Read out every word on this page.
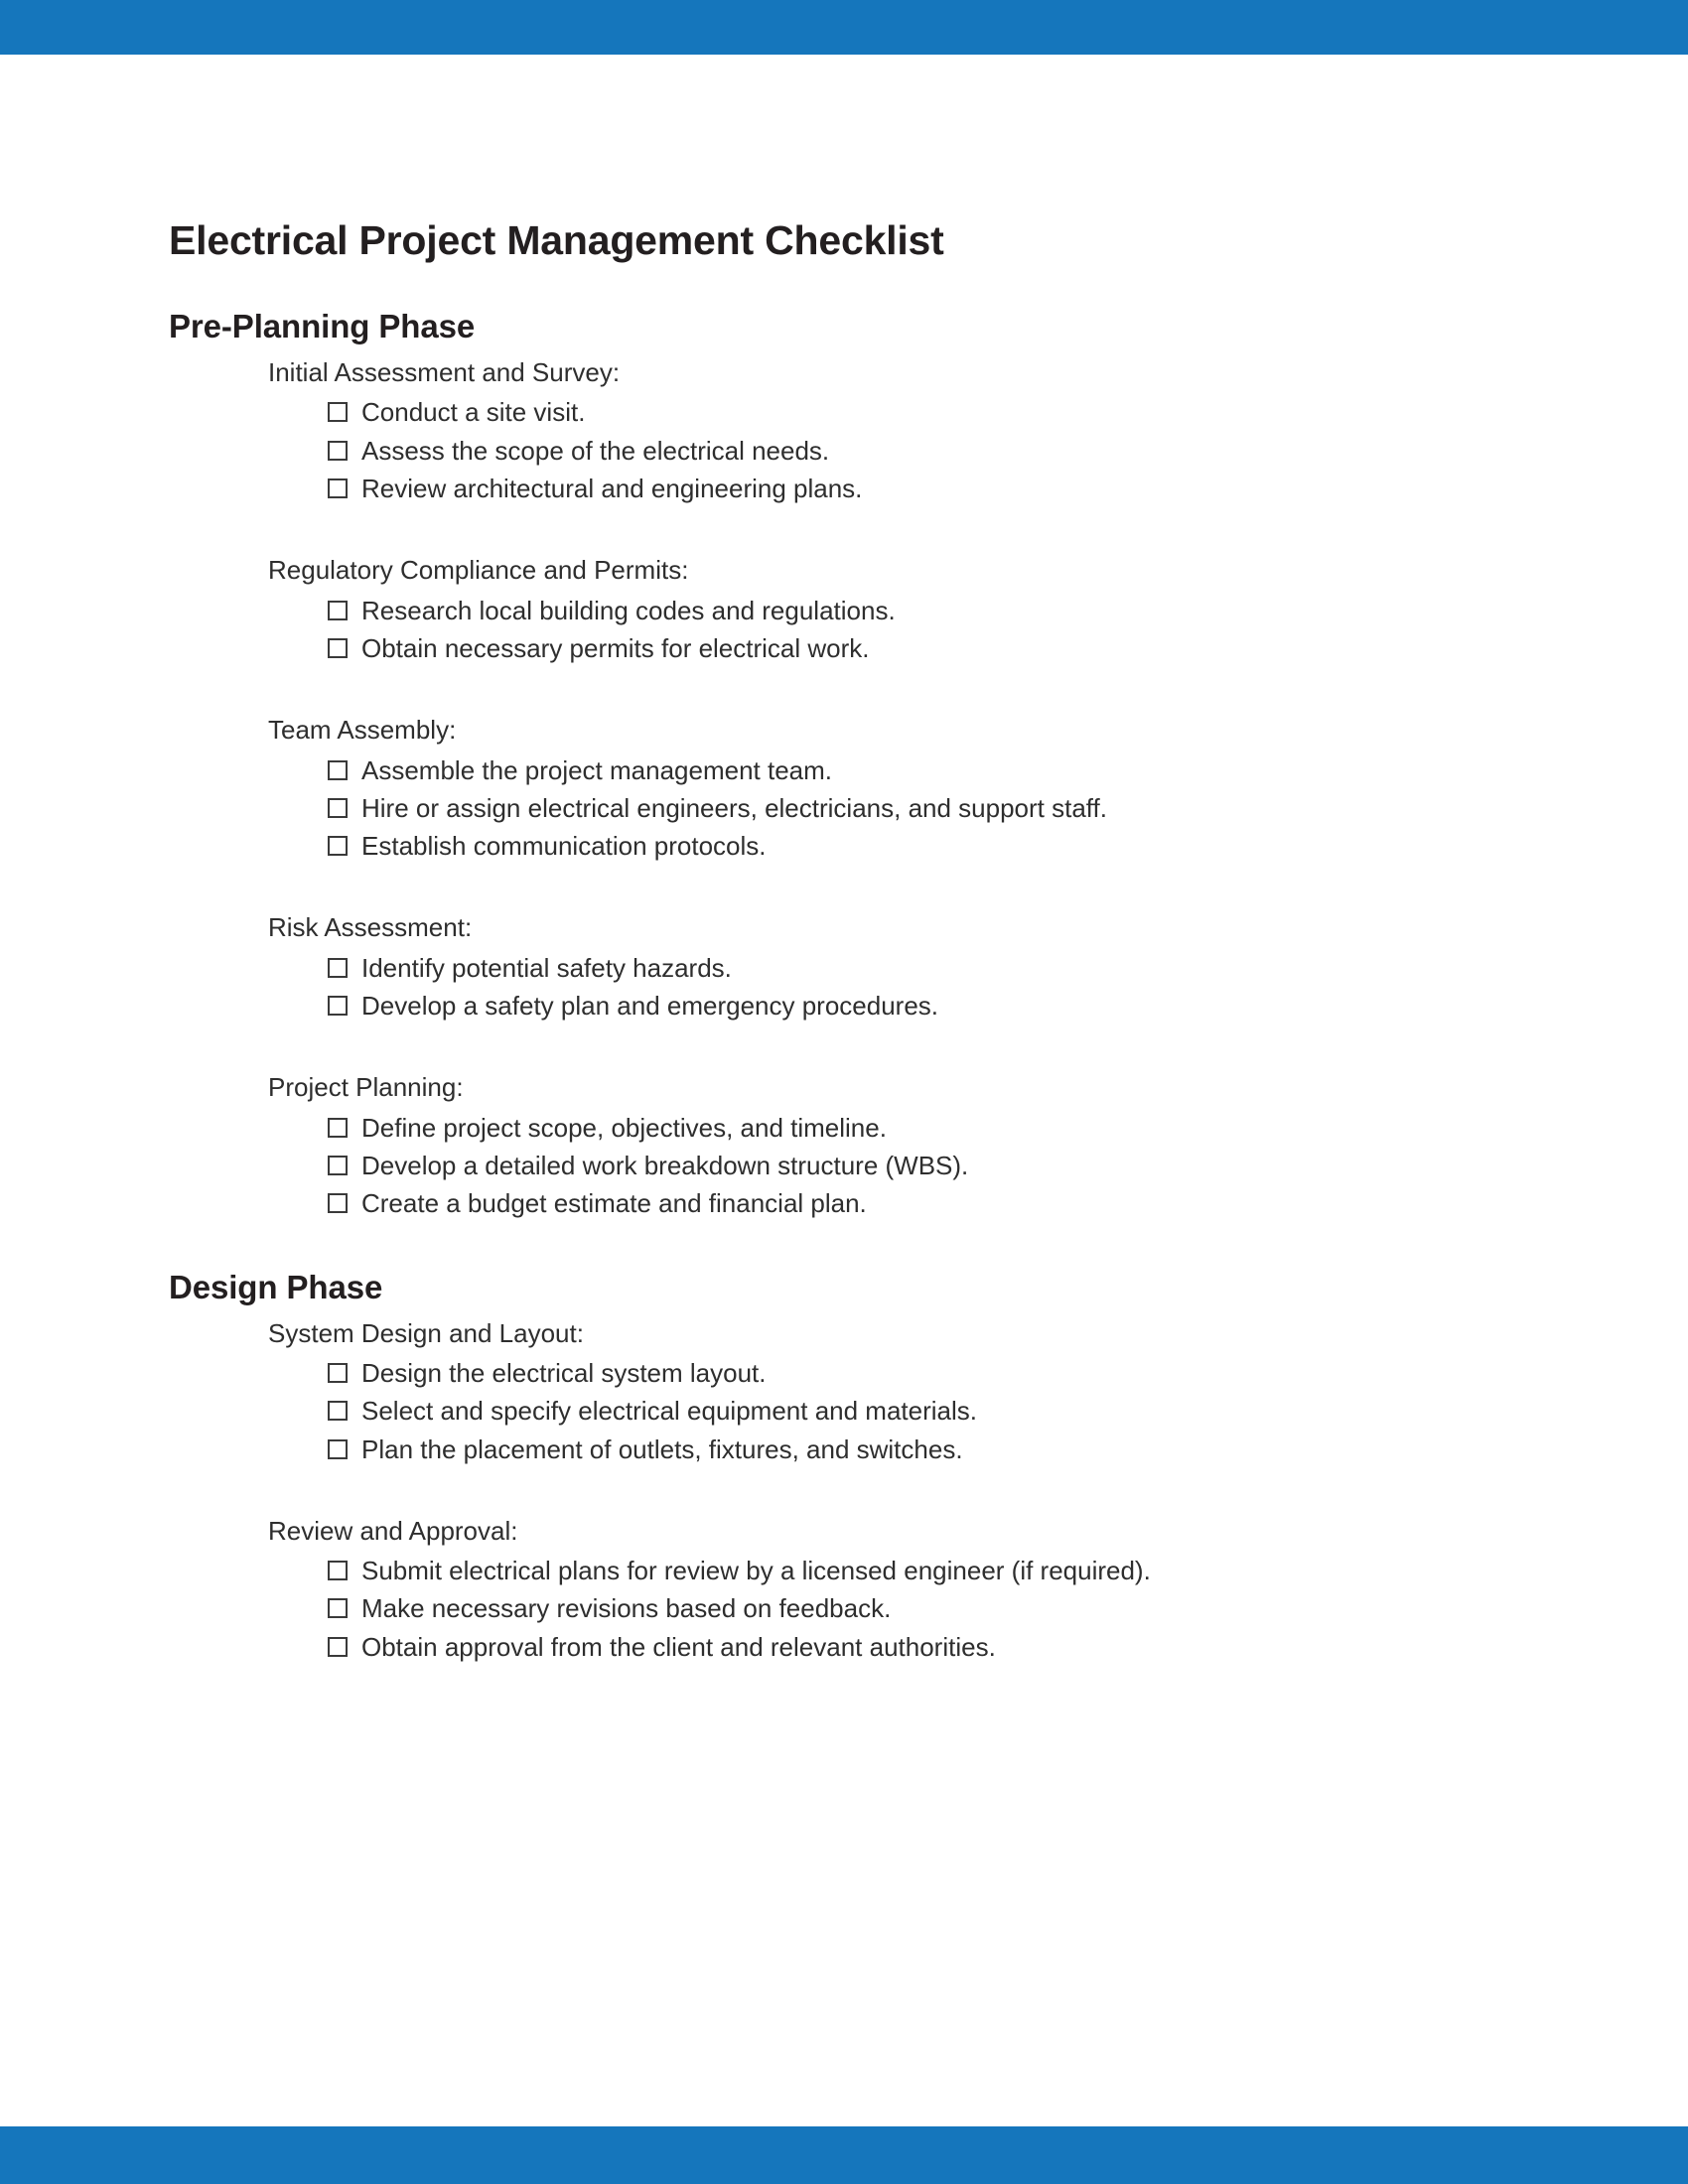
Electrical Project Management Checklist
Pre-Planning Phase
Initial Assessment and Survey:
Conduct a site visit.
Assess the scope of the electrical needs.
Review architectural and engineering plans.
Regulatory Compliance and Permits:
Research local building codes and regulations.
Obtain necessary permits for electrical work.
Team Assembly:
Assemble the project management team.
Hire or assign electrical engineers, electricians, and support staff.
Establish communication protocols.
Risk Assessment:
Identify potential safety hazards.
Develop a safety plan and emergency procedures.
Project Planning:
Define project scope, objectives, and timeline.
Develop a detailed work breakdown structure (WBS).
Create a budget estimate and financial plan.
Design Phase
System Design and Layout:
Design the electrical system layout.
Select and specify electrical equipment and materials.
Plan the placement of outlets, fixtures, and switches.
Review and Approval:
Submit electrical plans for review by a licensed engineer (if required).
Make necessary revisions based on feedback.
Obtain approval from the client and relevant authorities.
